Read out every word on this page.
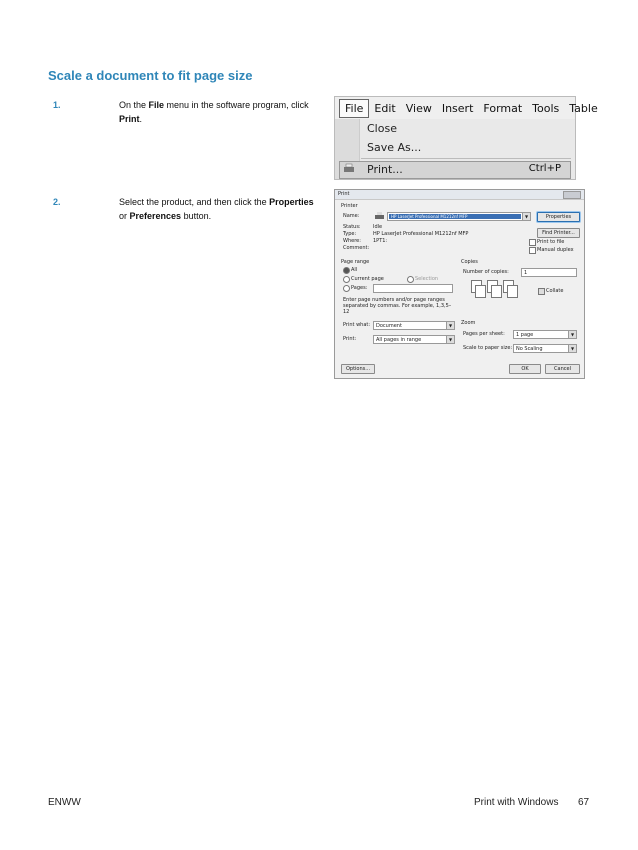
Scale a document to fit page size
1.	On the File menu in the software program, click Print.
2.	Select the product, and then click the Properties or Preferences button.
File	Edit View Insert Format Tools Table
Close
Save As...
Print...	Ctrl+P
Print
Printer
Name:	HP LaserJet Professional M1212nf MFP	▼	Properties
Find Printer...
Status: Idle
Type:	HP LaserJet Professional M1212nf MFP
Where: 1PT1:
Comment:
Print to file
Manual duplex
Page range
All
Current page	Selection
Pages:
Enter page numbers and/or page ranges separated by commas. For example, 1,3,5–12
Copies
Number of copies:	1
Collate
Print what: Document	▼
Print:	All pages in range	▼
Zoom
Pages per sheet: 1 page	▼
Scale to paper size: No Scaling	▼
Options...	OK	Cancel
ENWW	Print with Windows 67
